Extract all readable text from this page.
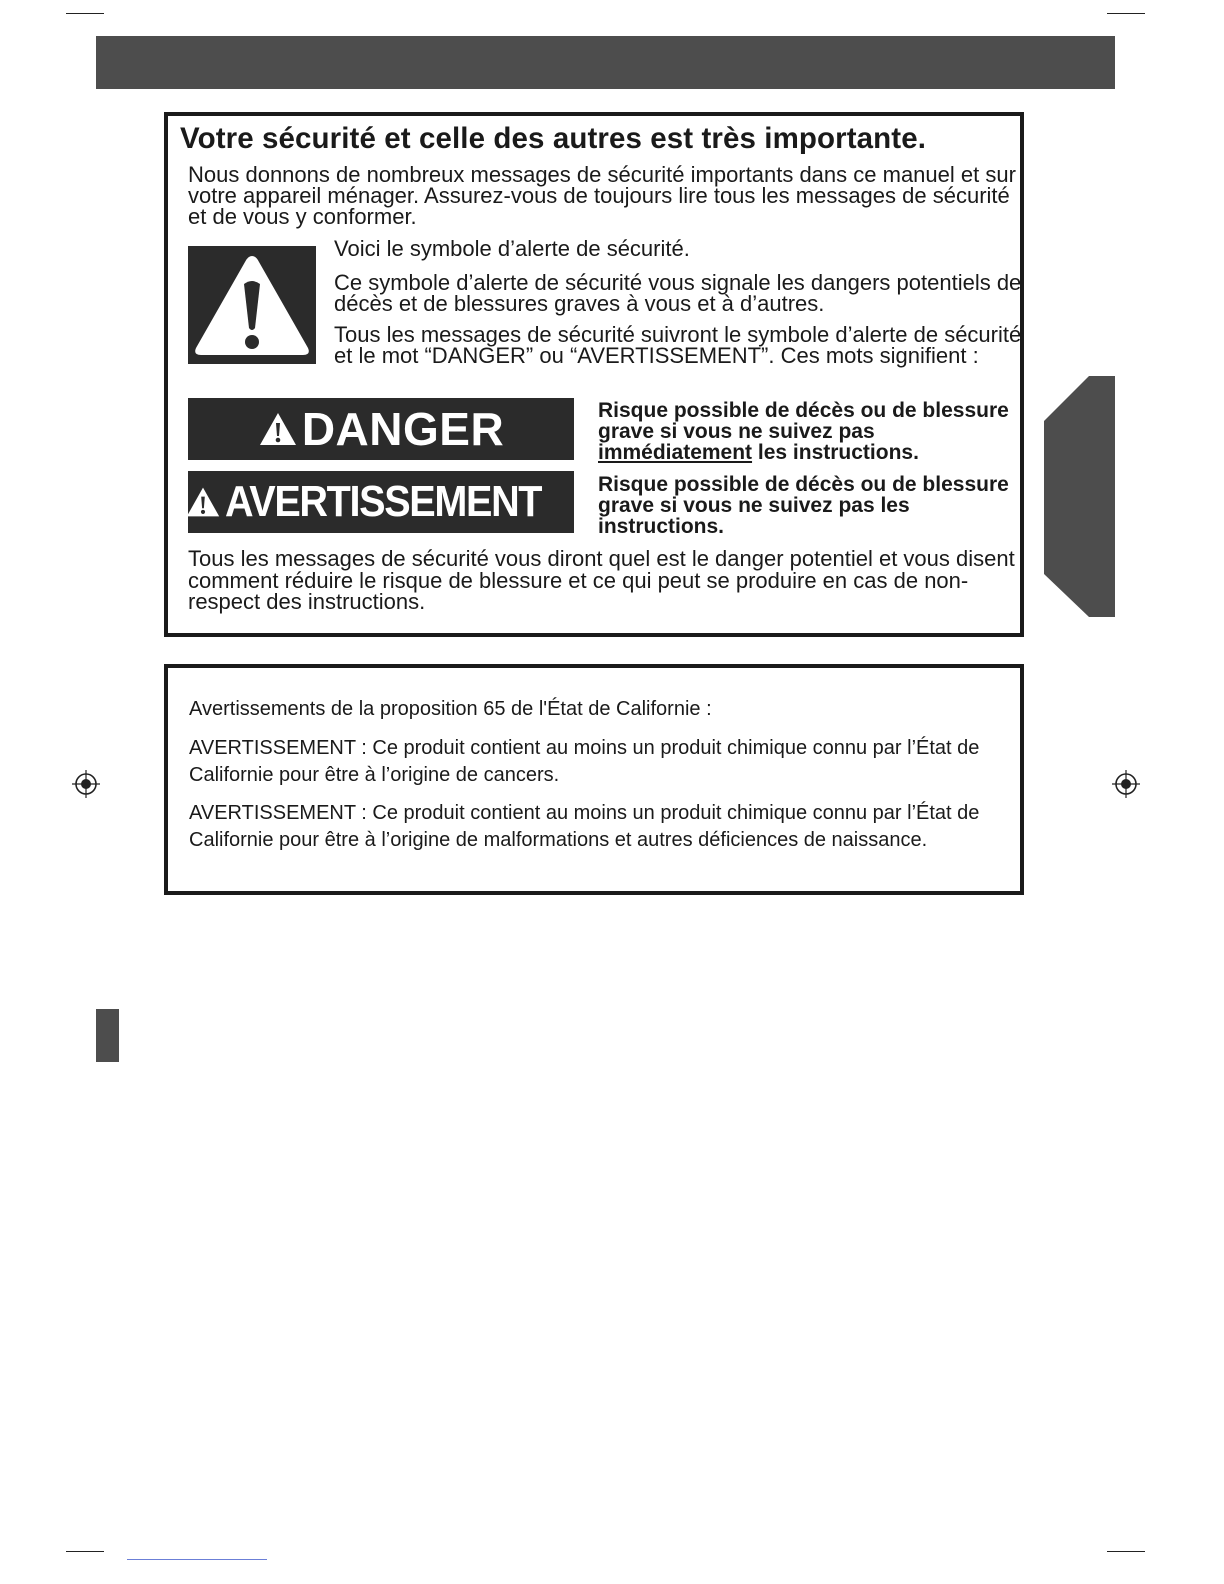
Votre sécurité et celle des autres est très importante.

Nous donnons de nombreux messages de sécurité importants dans ce manuel et sur votre appareil ménager. Assurez-vous de toujours lire tous les messages de sécurité et de vous y conformer.

Voici le symbole d’alerte de sécurité.

Ce symbole d’alerte de sécurité vous signale les dangers potentiels de décès et de blessures graves à vous et à d’autres.

Tous les messages de sécurité suivront le symbole d’alerte de sécurité et le mot “DANGER” ou “AVERTISSEMENT”. Ces mots signifient :

DANGER	Risque possible de décès ou de blessure grave si vous ne suivez pas immédiatement les instructions.

AVERTISSEMENT	Risque possible de décès ou de blessure grave si vous ne suivez pas les instructions.

Tous les messages de sécurité vous diront quel est le danger potentiel et vous disent comment réduire le risque de blessure et ce qui peut se produire en cas de non-respect des instructions.

Avertissements de la proposition 65 de l'État de Californie :

AVERTISSEMENT : Ce produit contient au moins un produit chimique connu par l’État de Californie pour être à l’origine de cancers.

AVERTISSEMENT : Ce produit contient au moins un produit chimique connu par l’État de Californie pour être à l’origine de malformations et autres déficiences de naissance.
